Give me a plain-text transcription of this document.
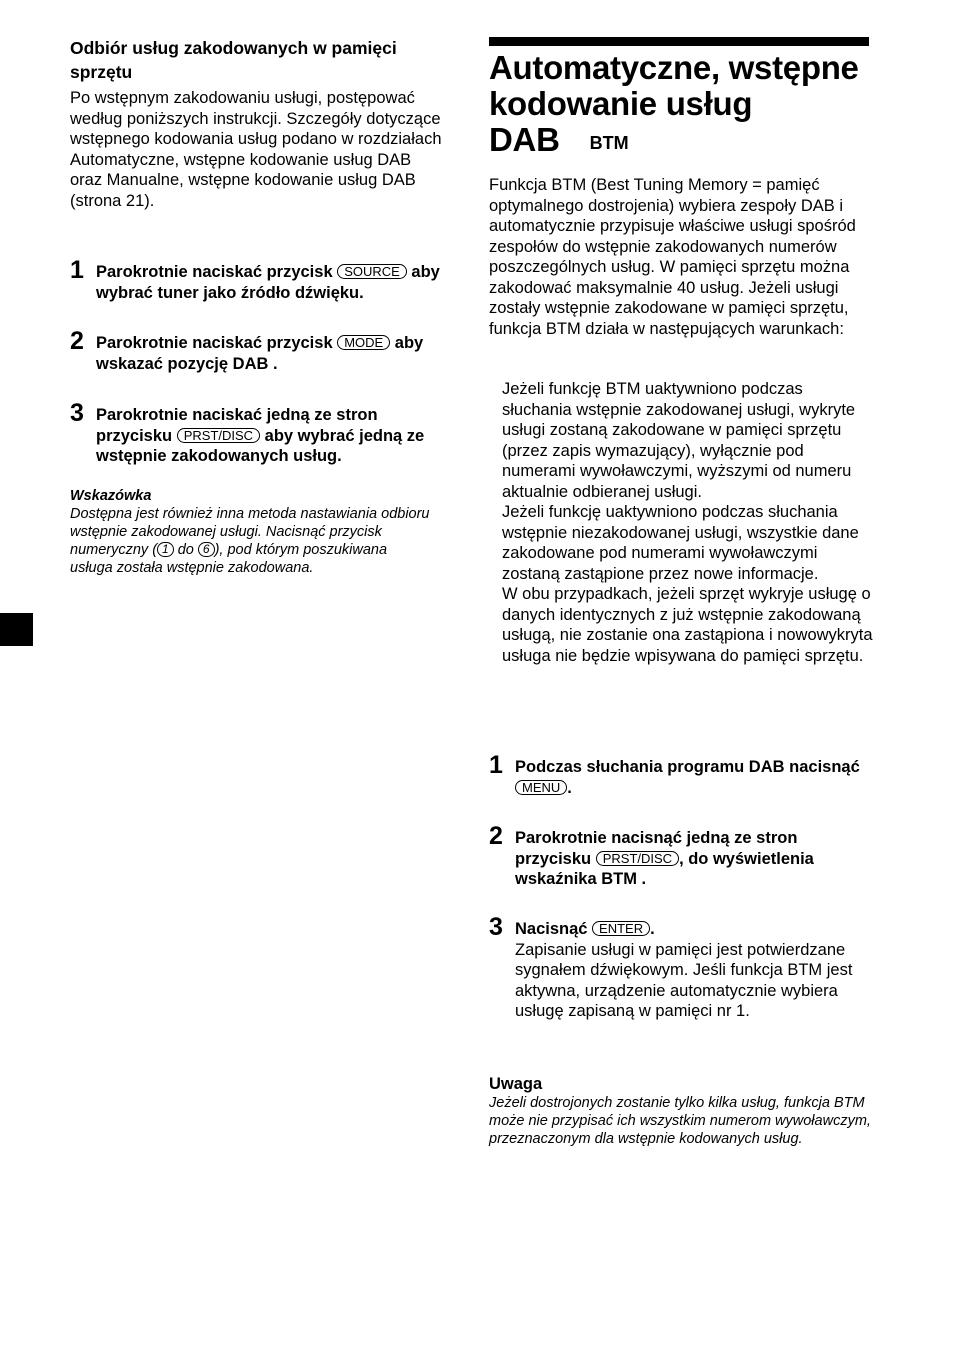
Odbiór usług zakodowanych w pamięci sprzętu
Po wstępnym zakodowaniu usługi, postępować według poniższych instrukcji. Szczegóły dotyczące wstępnego kodowania usług podano w rozdziałach Automatyczne, wstępne kodowanie usług DAB oraz Manualne, wstępne kodowanie usług DAB (strona 21).
1 Parokrotnie naciskać przycisk SOURCE aby wybrać tuner jako źródło dźwięku.
2 Parokrotnie naciskać przycisk MODE aby wskazać pozycję DAB .
3 Parokrotnie naciskać jedną ze stron przycisku PRST/DISC aby wybrać jedną ze wstępnie zakodowanych usług.
Wskazówka
Dostępna jest również inna metoda nastawiania odbioru wstępnie zakodowanej usługi. Nacisnąć przycisk numeryczny ( 1 do 6 ), pod którym poszukiwana usługa została wstępnie zakodowana.
Automatyczne, wstępne kodowanie usług DAB BTM
Funkcja BTM (Best Tuning Memory = pamięć optymalnego dostrojenia) wybiera zespoły DAB i automatycznie przypisuje właściwe usługi spośród zespołów do wstępnie zakodowanych numerów poszczególnych usług. W pamięci sprzętu można zakodować maksymalnie 40 usług. Jeżeli usługi zostały wstępnie zakodowane w pamięci sprzętu, funkcja BTM działa w następujących warunkach:
Jeżeli funkcję BTM uaktywniono podczas słuchania wstępnie zakodowanej usługi, wykryte usługi zostaną zakodowane w pamięci sprzętu (przez zapis wymazujący), wyłącznie pod numerami wywoławczymi, wyższymi od numeru aktualnie odbieranej usługi.
Jeżeli funkcję uaktywniono podczas słuchania wstępnie niezakodowanej usługi, wszystkie dane zakodowane pod numerami wywoławczymi zostaną zastąpione przez nowe informacje.
W obu przypadkach, jeżeli sprzęt wykryje usługę o danych identycznych z już wstępnie zakodowaną usługą, nie zostanie ona zastąpiona i nowowykryta usługa nie będzie wpisywana do pamięci sprzętu.
1 Podczas słuchania programu DAB nacisnąć MENU .
2 Parokrotnie nacisnąć jedną ze stron przycisku PRST/DISC , do wyświetlenia wskaźnika BTM .
3 Nacisnąć ENTER .
Zapisanie usługi w pamięci jest potwierdzane sygnałem dźwiękowym. Jeśli funkcja BTM jest aktywna, urządzenie automatycznie wybiera usługę zapisaną w pamięci nr 1.
Uwaga
Jeżeli dostrojonych zostanie tylko kilka usług, funkcja BTM może nie przypisać ich wszystkim numerom wywoławczym, przeznaczonym dla wstępnie kodowanych usług.
